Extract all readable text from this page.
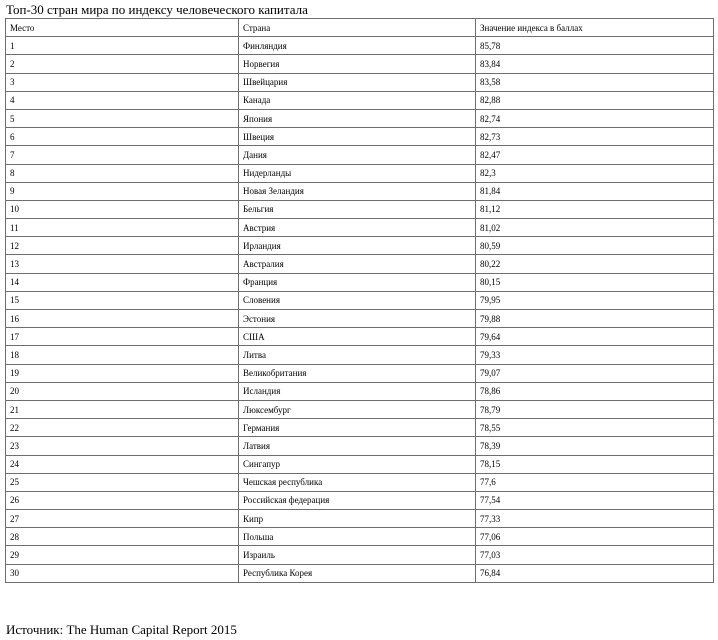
Топ-30 стран мира по индексу человеческого капитала
Место	Страна	Значение индекса в баллах
1	Финляндия	85,78
2	Норвегия	83,84
3	Швейцария	83,58
4	Канада	82,88
5	Япония	82,74
6	Швеция	82,73
7	Дания	82,47
8	Нидерланды	82,3
9	Новая Зеландия	81,84
10	Бельгия	81,12
11	Австрия	81,02
12	Ирландия	80,59
13	Австралия	80,22
14	Франция	80,15
15	Словения	79,95
16	Эстония	79,88
17	США	79,64
18	Литва	79,33
19	Великобритания	79,07
20	Исландия	78,86
21	Люксембург	78,79
22	Германия	78,55
23	Латвия	78,39
24	Сингапур	78,15
25	Чешская республика	77,6
26	Российская федерация	77,54
27	Кипр	77,33
28	Польша	77,06
29	Израиль	77,03
30	Республика Корея	76,84
Источник: The Human Capital Report 2015
